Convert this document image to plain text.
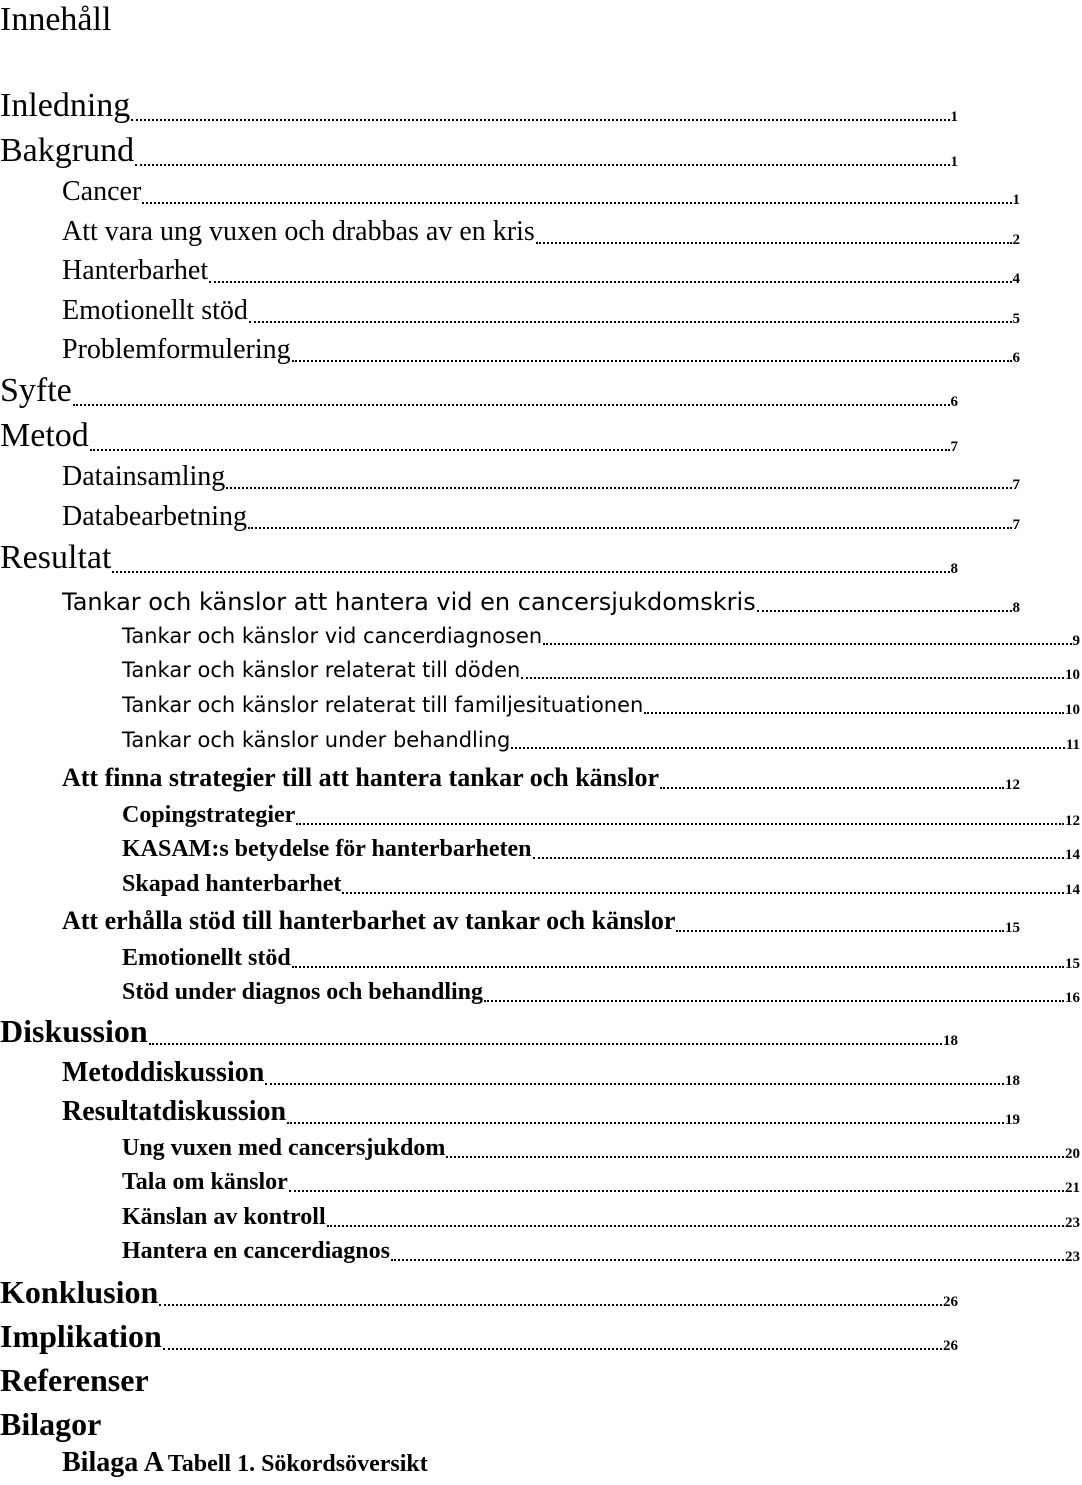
Innehåll
Inledning	1
Bakgrund	1
Cancer	1
Att vara ung vuxen och drabbas av en kris	2
Hanterbarhet	4
Emotionellt stöd	5
Problemformulering	6
Syfte	6
Metod	7
Datainsamling	7
Databearbetning	7
Resultat	8
Tankar och känslor att hantera vid en cancersjukdomskris	8
Tankar och känslor vid cancerdiagnosen	9
Tankar och känslor relaterat till döden	10
Tankar och känslor relaterat till familjesituationen	10
Tankar och känslor under behandling	11
Att finna strategier till att hantera tankar och känslor	12
Copingstrategier	12
KASAM:s betydelse för hanterbarheten	14
Skapad hanterbarhet	14
Att erhålla stöd till hanterbarhet av tankar och känslor	15
Emotionellt stöd	15
Stöd under diagnos och behandling	16
Diskussion	18
Metoddiskussion	18
Resultatdiskussion	19
Ung vuxen med cancersjukdom	20
Tala om känslor	21
Känslan av kontroll	23
Hantera en cancerdiagnos	23
Konklusion	26
Implikation	26
Referenser
Bilagor
Bilaga A Tabell 1. Sökordsöversikt
